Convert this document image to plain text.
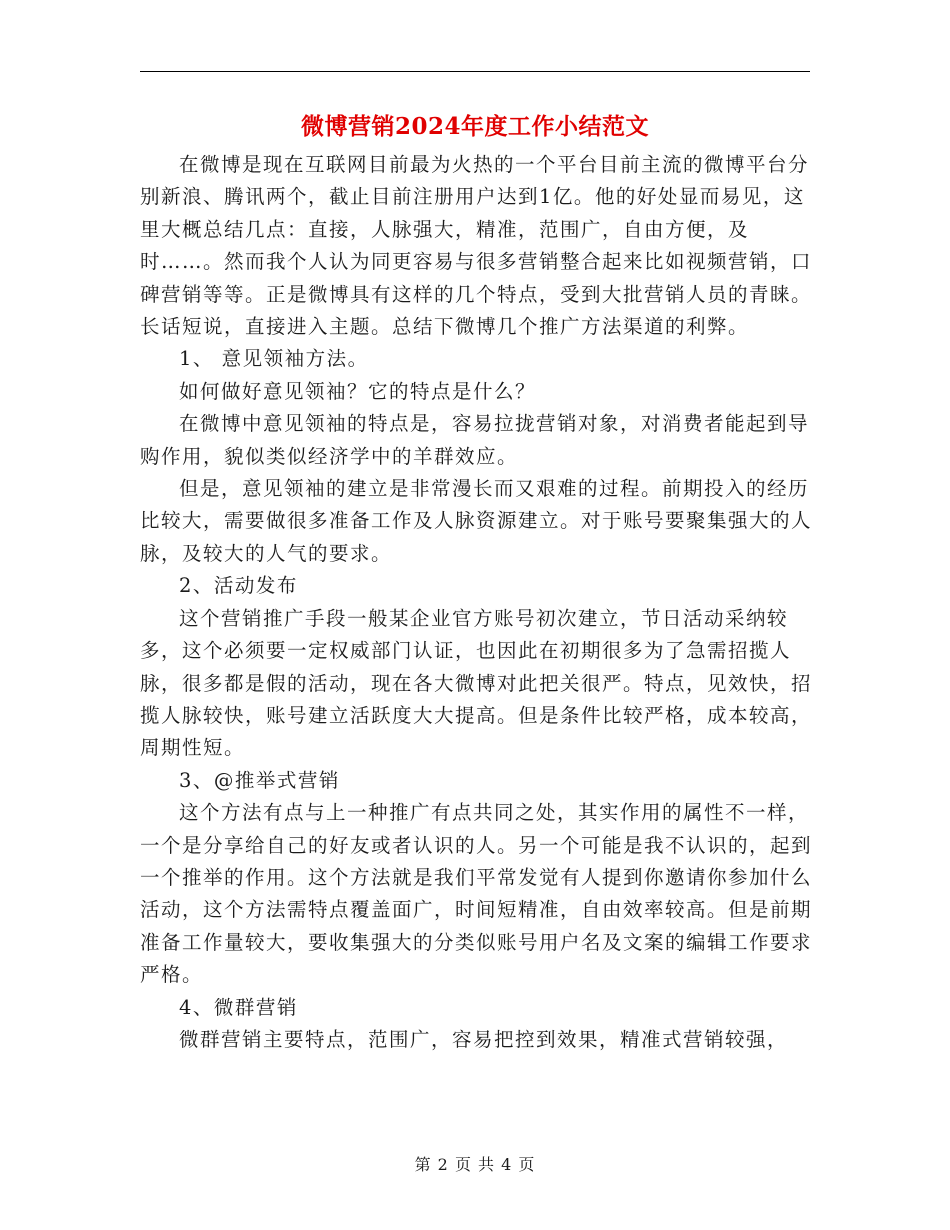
微博营销2024年度工作小结范文

在微博是现在互联网目前最为火热的一个平台目前主流的微博平台分别新浪、腾讯两个，截止目前注册用户达到1亿。他的好处显而易见，这里大概总结几点：直接，人脉强大，精准，范围广，自由方便，及时……。然而我个人认为同更容易与很多营销整合起来比如视频营销，口碑营销等等。正是微博具有这样的几个特点，受到大批营销人员的青睐。长话短说，直接进入主题。总结下微博几个推广方法渠道的利弊。

1、 意见领袖方法。

如何做好意见领袖？它的特点是什么？

在微博中意见领袖的特点是，容易拉拢营销对象，对消费者能起到导购作用，貌似类似经济学中的羊群效应。

但是，意见领袖的建立是非常漫长而又艰难的过程。前期投入的经历比较大，需要做很多准备工作及人脉资源建立。对于账号要聚集强大的人脉，及较大的人气的要求。

2、活动发布

这个营销推广手段一般某企业官方账号初次建立，节日活动采纳较多，这个必须要一定权威部门认证，也因此在初期很多为了急需招揽人脉，很多都是假的活动，现在各大微博对此把关很严。特点，见效快，招揽人脉较快，账号建立活跃度大大提高。但是条件比较严格，成本较高，周期性短。

3、@推举式营销

这个方法有点与上一种推广有点共同之处，其实作用的属性不一样，一个是分享给自己的好友或者认识的人。另一个可能是我不认识的，起到一个推举的作用。这个方法就是我们平常发觉有人提到你邀请你参加什么活动，这个方法需特点覆盖面广，时间短精准，自由效率较高。但是前期准备工作量较大，要收集强大的分类似账号用户名及文案的编辑工作要求严格。

4、微群营销

微群营销主要特点，范围广，容易把控到效果，精准式营销较强，

第 2 页 共 4 页
